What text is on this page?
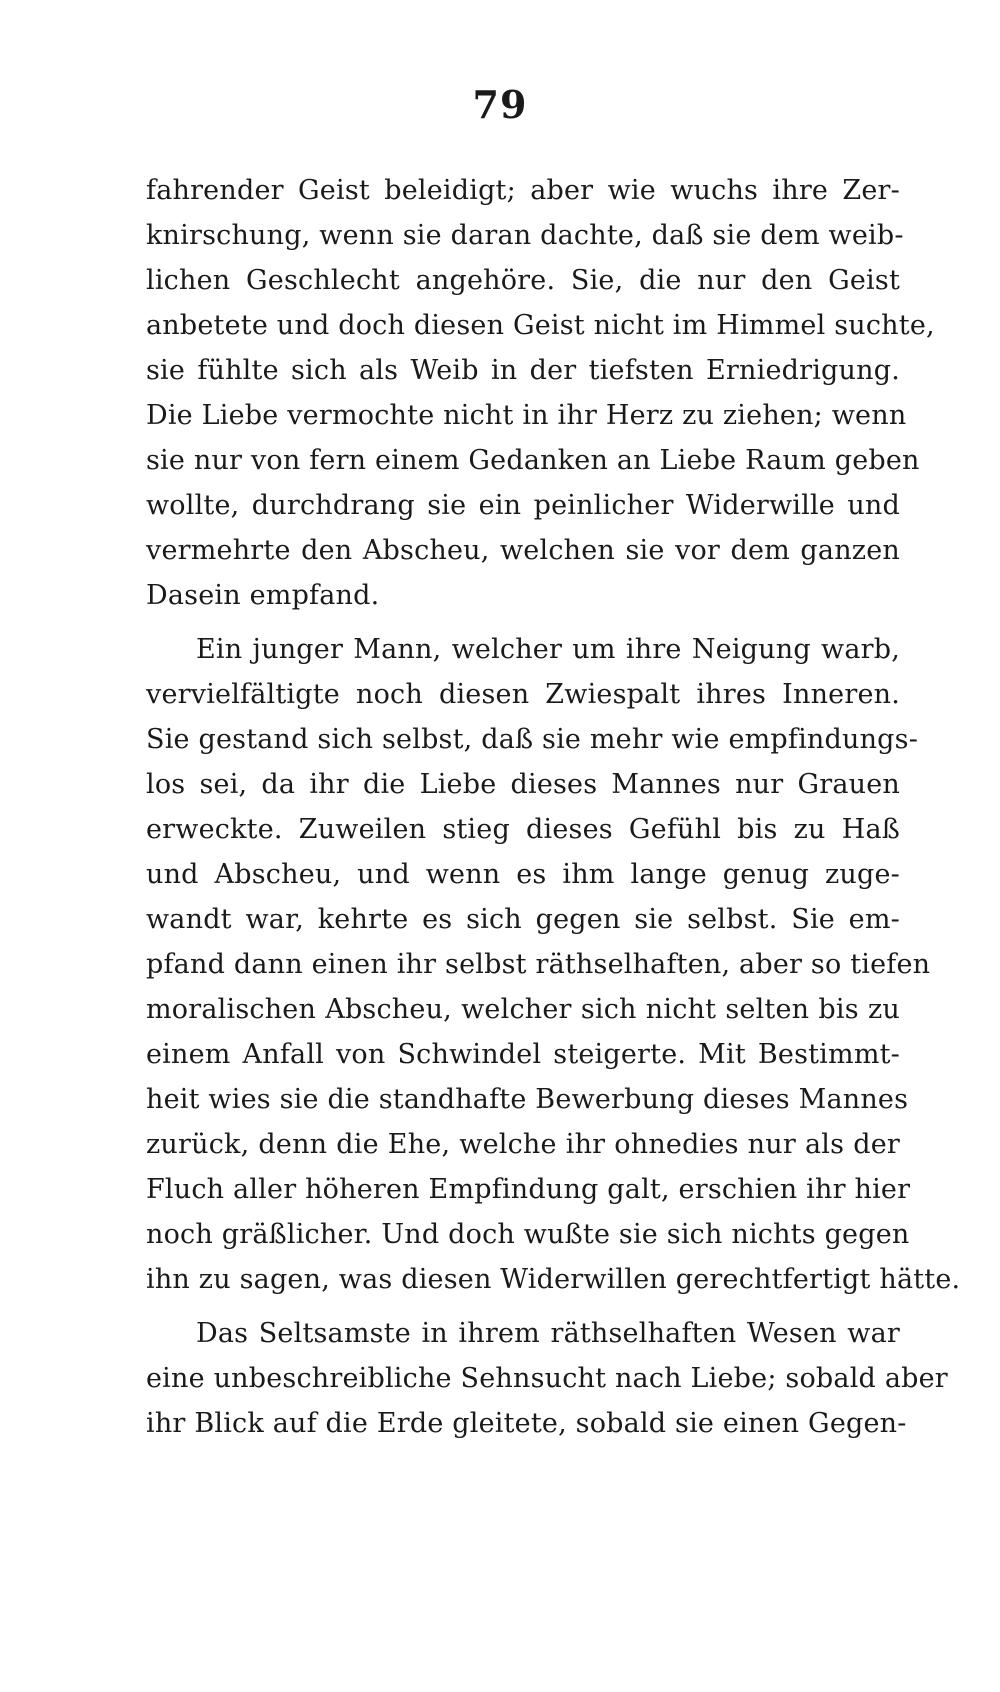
79
fahrender Geist beleidigt; aber wie wuchs ihre Zer-
knirschung, wenn sie daran dachte, daß sie dem weib-
lichen Geschlecht angehöre. Sie, die nur den Geist
anbetete und doch diesen Geist nicht im Himmel suchte,
sie fühlte sich als Weib in der tiefsten Erniedrigung.
Die Liebe vermochte nicht in ihr Herz zu ziehen; wenn
sie nur von fern einem Gedanken an Liebe Raum geben
wollte, durchdrang sie ein peinlicher Widerwille und
vermehrte den Abscheu, welchen sie vor dem ganzen
Dasein empfand.
Ein junger Mann, welcher um ihre Neigung warb,
vervielfältigte noch diesen Zwiespalt ihres Inneren.
Sie gestand sich selbst, daß sie mehr wie empfindungs-
los sei, da ihr die Liebe dieses Mannes nur Grauen
erweckte. Zuweilen stieg dieses Gefühl bis zu Haß
und Abscheu, und wenn es ihm lange genug zuge-
wandt war, kehrte es sich gegen sie selbst. Sie em-
pfand dann einen ihr selbst räthselhaften, aber so tiefen
moralischen Abscheu, welcher sich nicht selten bis zu
einem Anfall von Schwindel steigerte. Mit Bestimmt-
heit wies sie die standhafte Bewerbung dieses Mannes
zurück, denn die Ehe, welche ihr ohnedies nur als der
Fluch aller höheren Empfindung galt, erschien ihr hier
noch gräßlicher. Und doch wußte sie sich nichts gegen
ihn zu sagen, was diesen Widerwillen gerechtfertigt hätte.
Das Seltsamste in ihrem räthselhaften Wesen war
eine unbeschreibliche Sehnsucht nach Liebe; sobald aber
ihr Blick auf die Erde gleitete, sobald sie einen Gegen-
